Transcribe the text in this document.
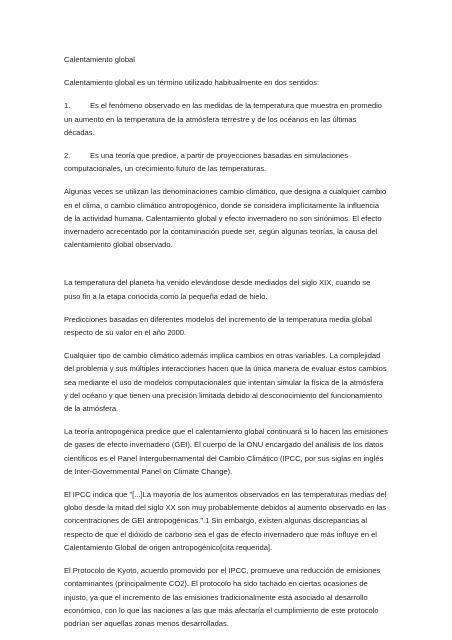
Calentamiento global

Calentamiento global es un término utilizado habitualmente en dos sentidos:

1.	Es el fenómeno observado en las medidas de la temperatura que muestra en promedio un aumento en la temperatura de la atmósfera terrestre y de los océanos en las últimas décadas.
2.	Es una teoría que predice, a partir de proyecciones basadas en simulaciones computacionales, un crecimiento futuro de las temperaturas.

Algunas veces se utilizan las denominaciones cambio climático, que designa a cualquier cambio en el clima, o cambio climático antropogénico, donde se considera implícitamente la influencia de la actividad humana. Calentamiento global y efecto invernadero no son sinónimos. El efecto invernadero acrecentado por la contaminación puede ser, según algunas teorías, la causa del calentamiento global observado.

La temperatura del planeta ha venido elevándose desde mediados del siglo XIX, cuando se puso fin a la etapa conocida como la pequeña edad de hielo.

Predicciones basadas en diferentes modelos del incremento de la temperatura media global respecto de su valor en el año 2000.

Cualquier tipo de cambio climático además implica cambios en otras variables. La complejidad del problema y sus múltiples interacciones hacen que la única manera de evaluar estos cambios sea mediante el uso de modelos computacionales que intentan simular la física de la atmósfera y del océano y que tienen una precisión limitada debido al desconocimiento del funcionamiento de la atmósfera.

La teoría antropogénica predice que el calentamiento global continuará si lo hacen las emisiones de gases de efecto invernadero (GEI). El cuerpo de la ONU encargado del análisis de los datos científicos es el Panel Intergubernamental del Cambio Climático (IPCC, por sus siglas en inglés de Inter-Governmental Panel on Climate Change).

El IPCC indica que "[...]La mayoría de los aumentos observados en las temperaturas medias del globo desde la mitad del siglo XX son muy probablemente debidos al aumento observado en las concentraciones de GEI antropogénicas.".1 Sin embargo, existen algunas discrepancias al respecto de que el dióxido de carbono sea el gas de efecto invernadero que más influye en el Calentamiento Global de origen antropogénico[cita requerida].

El Protocolo de Kyoto, acuerdo promovido por el IPCC, promueve una reducción de emisiones contaminantes (principalmente CO2). El protocolo ha sido tachado en ciertas ocasiones de injusto, ya que el incremento de las emisiones tradicionalmente está asociado al desarrollo económico, con lo que las naciones a las que más afectaría el cumplimiento de este protocolo podrían ser aquellas zonas menos desarrolladas.
